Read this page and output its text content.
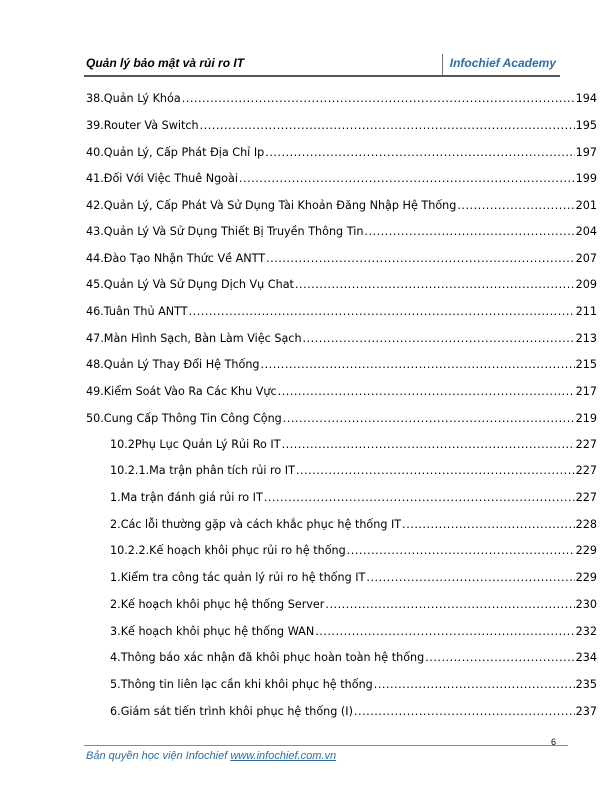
Quản lý bảo mật và rủi ro IT	Infochief Academy
38. Quản Lý Khóa .....	194
39. Router Và Switch .....	195
40. Quản Lý, Cấp Phát Địa Chỉ Ip .....	197
41. Đối Với Việc Thuê Ngoài .....	199
42. Quản Lý, Cấp Phát Và Sử Dụng Tài Khoản Đăng Nhập Hệ Thống .....	201
43. Quản Lý Và Sử Dụng Thiết Bị Truyền Thông Tin .....	204
44. Đào Tạo Nhận Thức Về ANTT .....	207
45. Quản Lý Và Sử Dụng Dịch Vụ Chat .....	209
46. Tuân Thủ ANTT .....	211
47. Màn Hình Sạch, Bàn Làm Việc Sạch .....	213
48. Quản Lý Thay Đổi Hệ Thống .....	215
49. Kiểm Soát Vào Ra Các Khu Vực .....	217
50. Cung Cấp Thông Tin Công Cộng .....	219
10.2 Phụ Lục Quản Lý Rủi Ro IT .....	227
10.2.1. Ma trận phân tích rủi ro IT .....	227
1. Ma trận đánh giá rủi ro IT .....	227
2. Các lỗi thường gặp và cách khắc phục hệ thống IT .....	228
10.2.2. Kế hoạch khôi phục rủi ro hệ thống .....	229
1. Kiểm tra công tác quản lý rủi ro hệ thống IT .....	229
2. Kế hoạch khôi phục hệ thống Server .....	230
3. Kế hoạch khôi phục hệ thống WAN .....	232
4. Thông báo xác nhận đã khôi phục hoàn toàn hệ thống .....	234
5. Thông tin liên lạc cần khi khôi phục hệ thống .....	235
6. Giám sát tiến trình khôi phục hệ thống (I) .....	237
6
Bản quyền học viện Infochief www.infochief.com.vn
